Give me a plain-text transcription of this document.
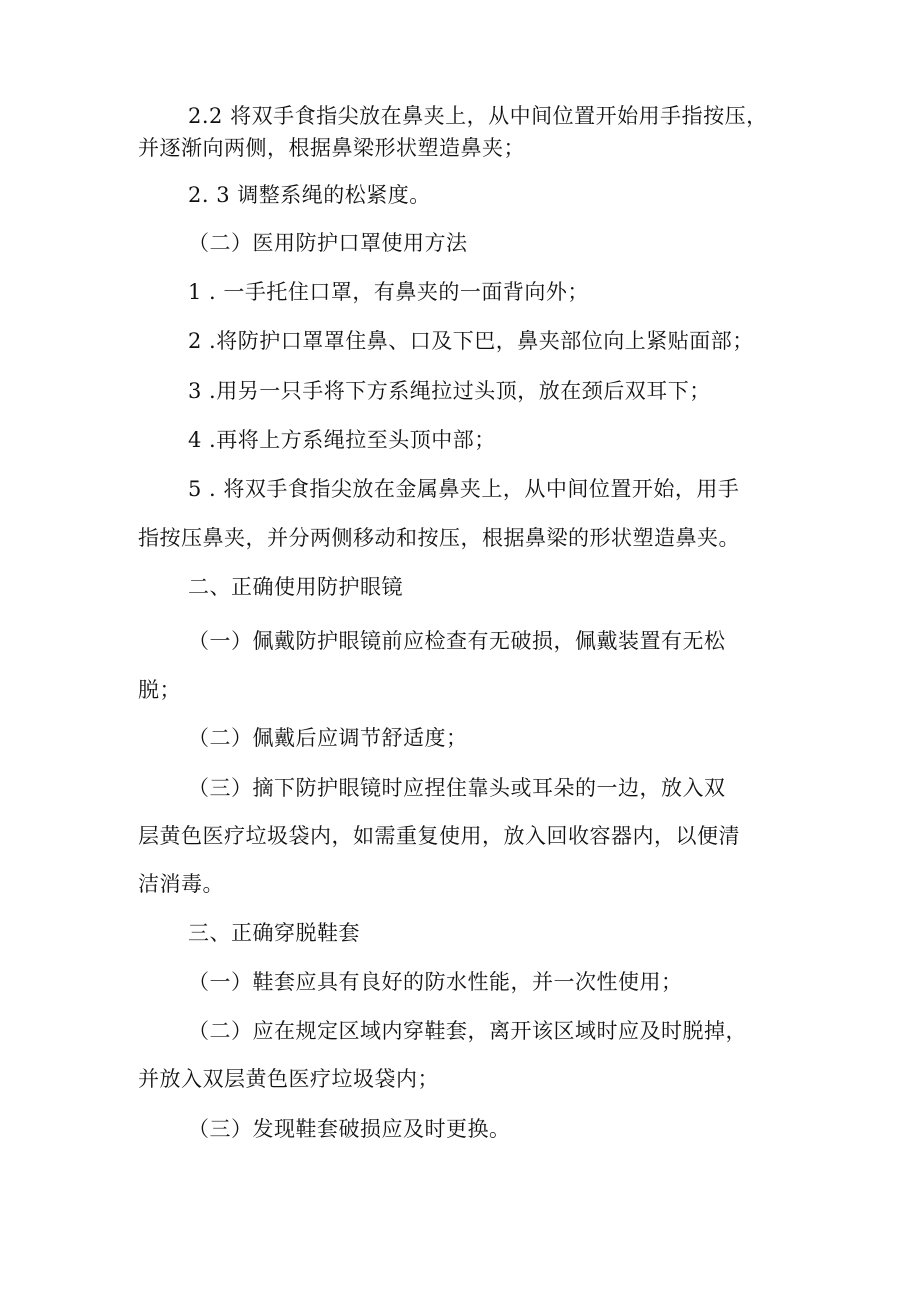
2.2 将双手食指尖放在鼻夹上，从中间位置开始用手指按压，
并逐渐向两侧，根据鼻梁形状塑造鼻夹；
2. 3 调整系绳的松紧度。
（二）医用防护口罩使用方法
1 . 一手托住口罩，有鼻夹的一面背向外；
2 .将防护口罩罩住鼻、口及下巴，鼻夹部位向上紧贴面部；
3 .用另一只手将下方系绳拉过头顶，放在颈后双耳下；
4 .再将上方系绳拉至头顶中部；
5 . 将双手食指尖放在金属鼻夹上，从中间位置开始，用手
指按压鼻夹，并分两侧移动和按压，根据鼻梁的形状塑造鼻夹。
二、正确使用防护眼镜
（一）佩戴防护眼镜前应检查有无破损，佩戴装置有无松
脱；
（二）佩戴后应调节舒适度；
（三）摘下防护眼镜时应捏住靠头或耳朵的一边，放入双
层黄色医疗垃圾袋内，如需重复使用，放入回收容器内，以便清
洁消毒。
三、正确穿脱鞋套
（一）鞋套应具有良好的防水性能，并一次性使用；
（二）应在规定区域内穿鞋套，离开该区域时应及时脱掉，
并放入双层黄色医疗垃圾袋内；
（三）发现鞋套破损应及时更换。
